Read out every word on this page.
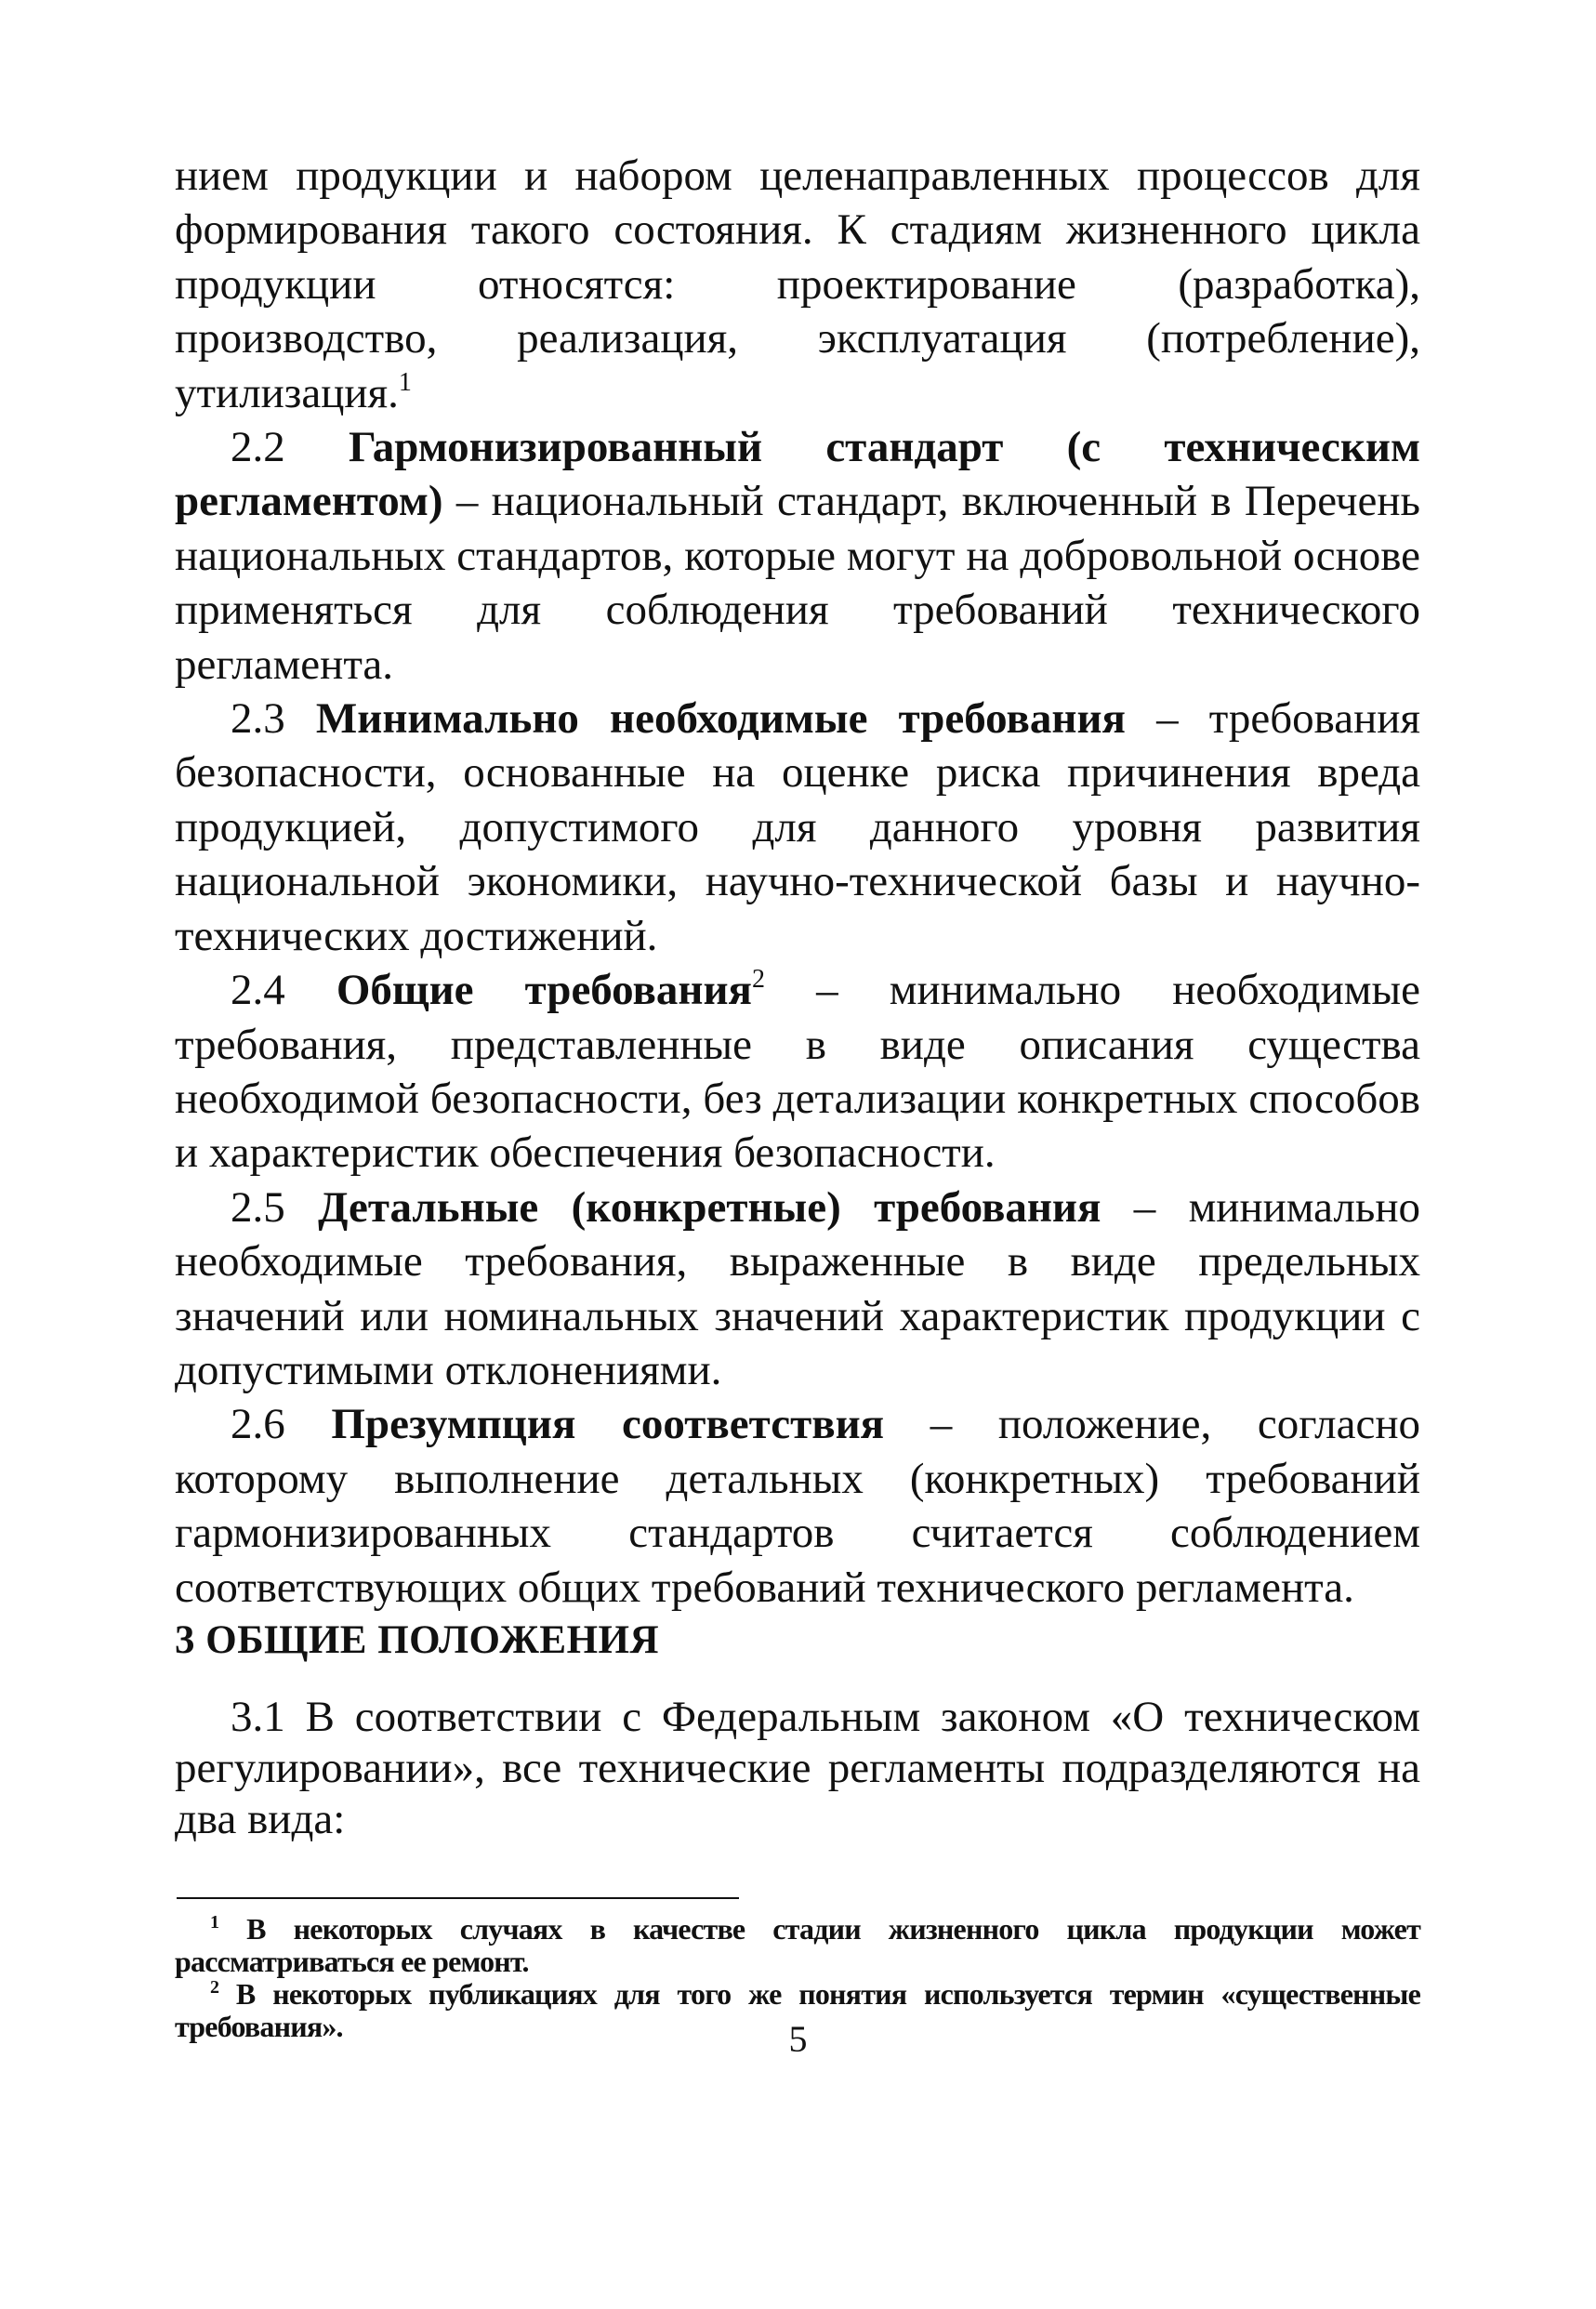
нием продукции и набором целенаправленных процессов для формирования такого состояния. К стадиям жизненного цикла продукции относятся: проектирование (разработка), производство, реализация, эксплуатация (потребление), утилизация.$^1$

2.2 Гармонизированный стандарт (с техническим регламентом) – национальный стандарт, включенный в Перечень национальных стандартов, которые могут на добровольной основе применяться для соблюдения требований технического регламента.

2.3 Минимально необходимые требования – требования безопасности, основанные на оценке риска причинения вреда продукцией, допустимого для данного уровня развития национальной экономики, научно-технической базы и научно-технических достижений.

2.4 Общие требования$^2$ – минимально необходимые требования, представленные в виде описания существа необходимой безопасности, без детализации конкретных способов и характеристик обеспечения безопасности.

2.5 Детальные (конкретные) требования – минимально необходимые требования, выраженные в виде предельных значений или номинальных значений характеристик продукции с допустимыми отклонениями.

2.6 Презумпция соответствия – положение, согласно которому выполнение детальных (конкретных) требований гармонизированных стандартов считается соблюдением соответствующих общих требований технического регламента.

3 ОБЩИЕ ПОЛОЖЕНИЯ

3.1 В соответствии с Федеральным законом «О техническом регулировании», все технические регламенты подразделяются на два вида:

$^1$ В некоторых случаях в качестве стадии жизненного цикла продукции может рассматриваться ее ремонт.

$^2$ В некоторых публикациях для того же понятия используется термин «существенные требования».	5
